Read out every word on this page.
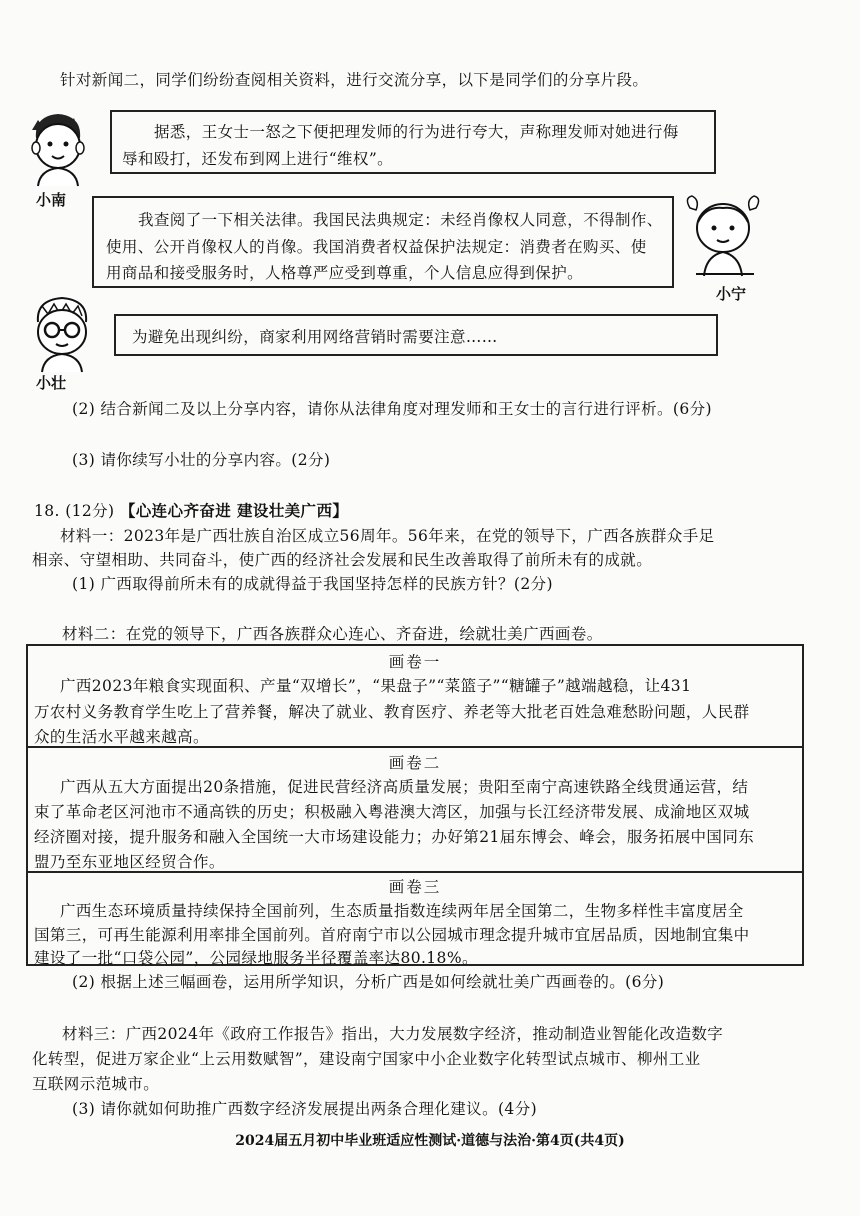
针对新闻二，同学们纷纷查阅相关资料，进行交流分享，以下是同学们的分享片段。
小南
据悉，王女士一怒之下便把理发师的行为进行夸大，声称理发师对她进行侮
辱和殴打，还发布到网上进行“维权”。
我查阅了一下相关法律。我国民法典规定：未经肖像权人同意，不得制作、
使用、公开肖像权人的肖像。我国消费者权益保护法规定：消费者在购买、使
用商品和接受服务时，人格尊严应受到尊重，个人信息应得到保护。
小宁
小壮
为避免出现纠纷，商家利用网络营销时需要注意……
(2) 结合新闻二及以上分享内容，请你从法律角度对理发师和王女士的言行进行评析。(6分)
(3) 请你续写小壮的分享内容。(2分)
18. (12分) 【心连心齐奋进 建设壮美广西】
材料一：2023年是广西壮族自治区成立56周年。56年来，在党的领导下，广西各族群众手足
相亲、守望相助、共同奋斗，使广西的经济社会发展和民生改善取得了前所未有的成就。
(1) 广西取得前所未有的成就得益于我国坚持怎样的民族方针？(2分)
材料二：在党的领导下，广西各族群众心连心、齐奋进，绘就壮美广西画卷。
画卷一
广西2023年粮食实现面积、产量“双增长”，“果盘子”“菜篮子”“糖罐子”越端越稳，让431
万农村义务教育学生吃上了营养餐，解决了就业、教育医疗、养老等大批老百姓急难愁盼问题，人民群
众的生活水平越来越高。
画卷二
广西从五大方面提出20条措施，促进民营经济高质量发展；贵阳至南宁高速铁路全线贯通运营，结
束了革命老区河池市不通高铁的历史；积极融入粤港澳大湾区，加强与长江经济带发展、成渝地区双城
经济圈对接，提升服务和融入全国统一大市场建设能力；办好第21届东博会、峰会，服务拓展中国同东
盟乃至东亚地区经贸合作。
画卷三
广西生态环境质量持续保持全国前列，生态质量指数连续两年居全国第二，生物多样性丰富度居全
国第三，可再生能源利用率排全国前列。首府南宁市以公园城市理念提升城市宜居品质，因地制宜集中
建设了一批“口袋公园”，公园绿地服务半径覆盖率达80.18%。
(2) 根据上述三幅画卷，运用所学知识，分析广西是如何绘就壮美广西画卷的。(6分)
材料三：广西2024年《政府工作报告》指出，大力发展数字经济，推动制造业智能化改造数字
化转型，促进万家企业“上云用数赋智”，建设南宁国家中小企业数字化转型试点城市、柳州工业
互联网示范城市。
(3) 请你就如何助推广西数字经济发展提出两条合理化建议。(4分)
2024届五月初中毕业班适应性测试·道德与法治·第4页(共4页)
